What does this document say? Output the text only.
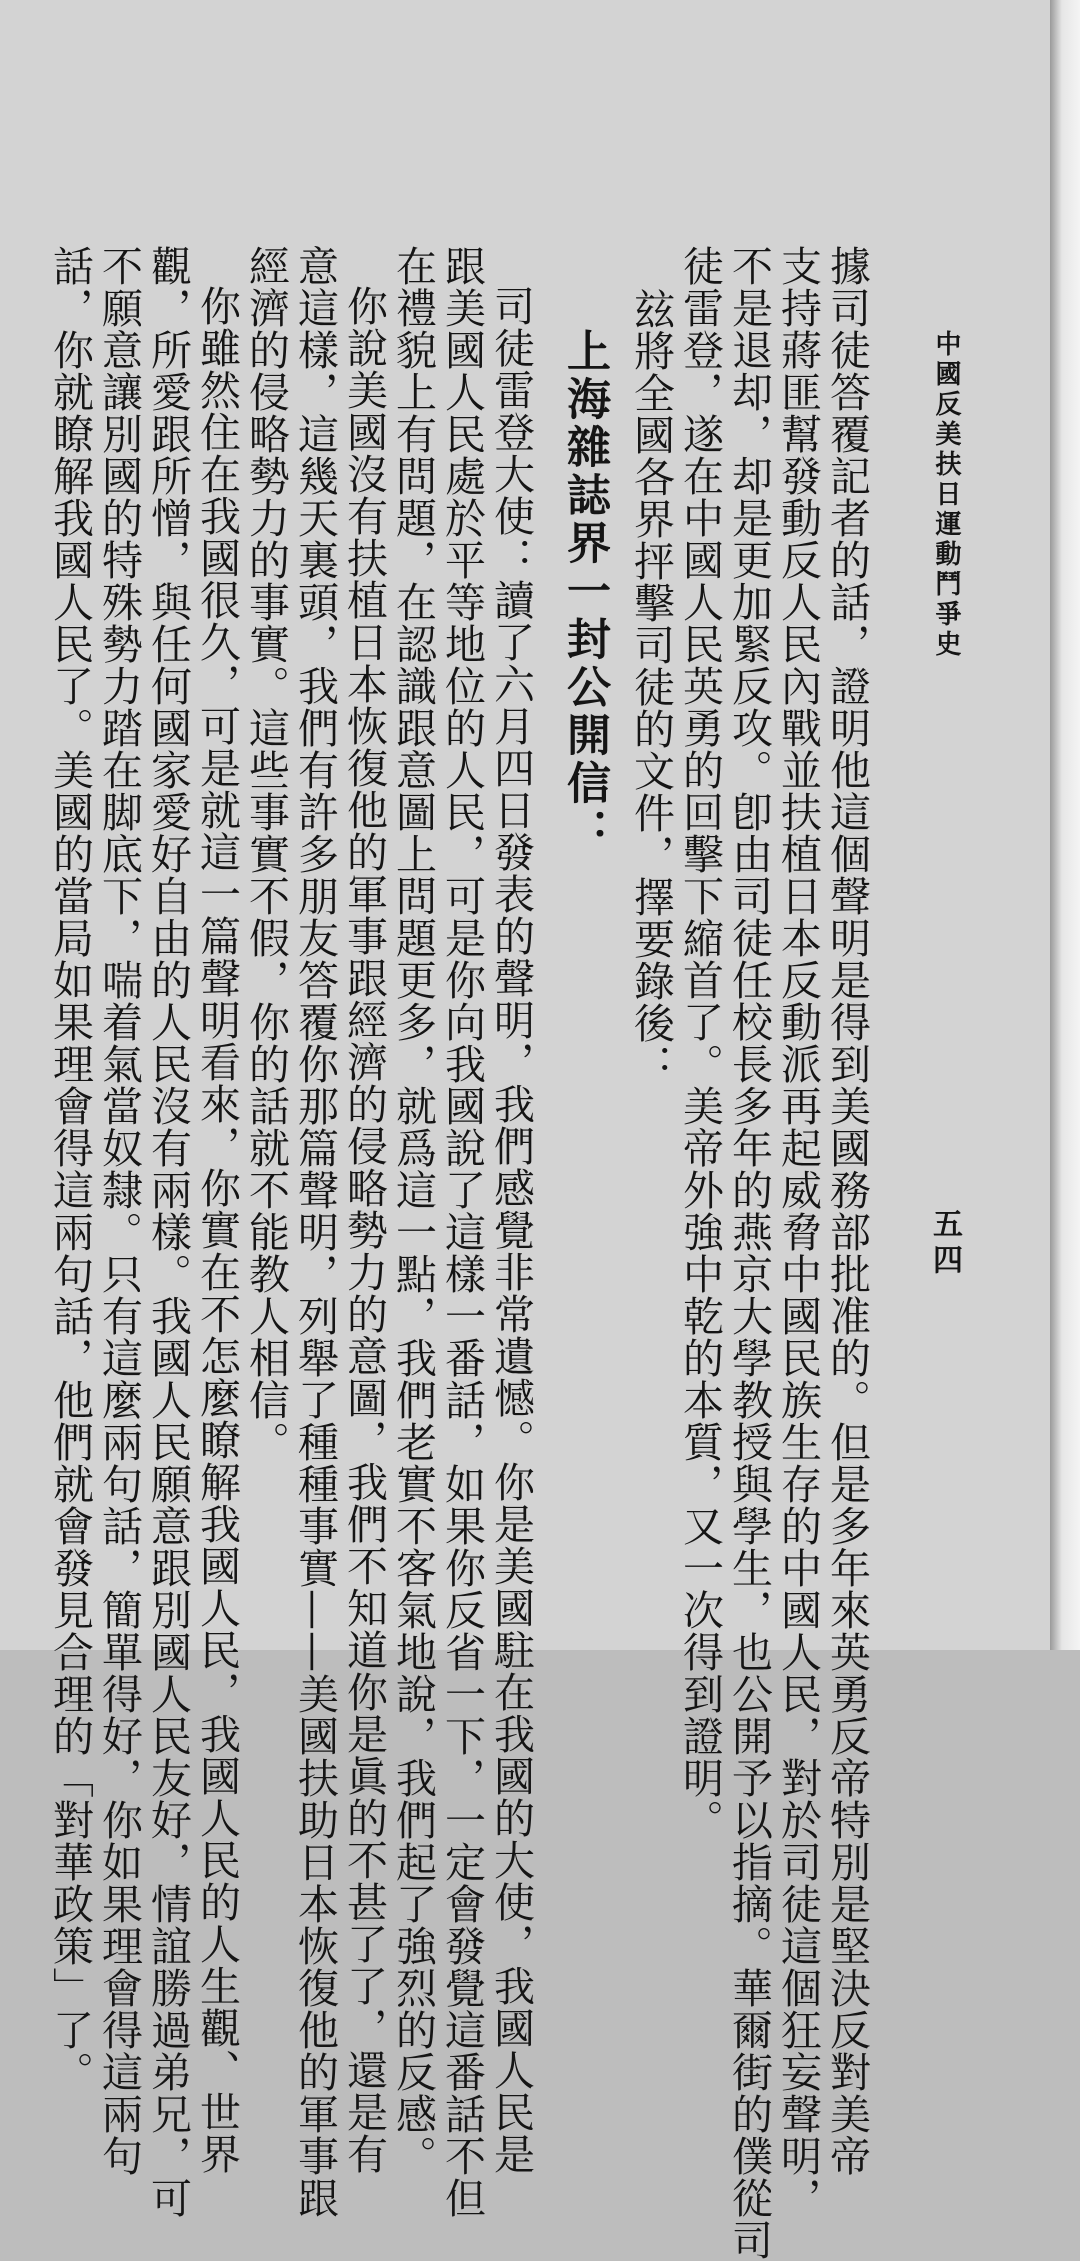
中國反美扶日運動鬥爭史
五四
據司徒答覆記者的話，證明他這個聲明是得到美國務部批准的。但是多年來英勇反帝特別是堅決反對美帝
支持蔣匪幫發動反人民內戰並扶植日本反動派再起威脅中國民族生存的中國人民，對於司徒這個狂妄聲明，
不是退却，却是更加緊反攻。卽由司徒任校長多年的燕京大學教授與學生，也公開予以指摘。華爾街的僕從司
徒雷登，遂在中國人民英勇的回擊下縮首了。美帝外強中乾的本質，又一次得到證明。
玆將全國各界抨擊司徒的文件，擇要錄後：
上海雜誌界一封公開信：
司徒雷登大使：讀了六月四日發表的聲明，我們感覺非常遺憾。你是美國駐在我國的大使，我國人民是
跟美國人民處於平等地位的人民，可是你向我國說了這樣一番話，如果你反省一下，一定會發覺這番話不但
在禮貌上有問題，在認識跟意圖上問題更多，就爲這一點，我們老實不客氣地說，我們起了強烈的反感。
你說美國沒有扶植日本恢復他的軍事跟經濟的侵略勢力的意圖，我們不知道你是眞的不甚了了，還是有
意這樣，這幾天裏頭，我們有許多朋友答覆你那篇聲明，列舉了種種事實——美國扶助日本恢復他的軍事跟
經濟的侵略勢力的事實。這些事實不假，你的話就不能教人相信。
你雖然住在我國很久，可是就這一篇聲明看來，你實在不怎麼瞭解我國人民，我國人民的人生觀、世界
觀，所愛跟所憎，與任何國家愛好自由的人民沒有兩樣。我國人民願意跟別國人民友好，情誼勝過弟兄，可
不願意讓別國的特殊勢力踏在脚底下，喘着氣當奴隸。只有這麼兩句話，簡單得好，你如果理會得這兩句
話，你就瞭解我國人民了。美國的當局如果理會得這兩句話，他們就會發見合理的「對華政策」了。
